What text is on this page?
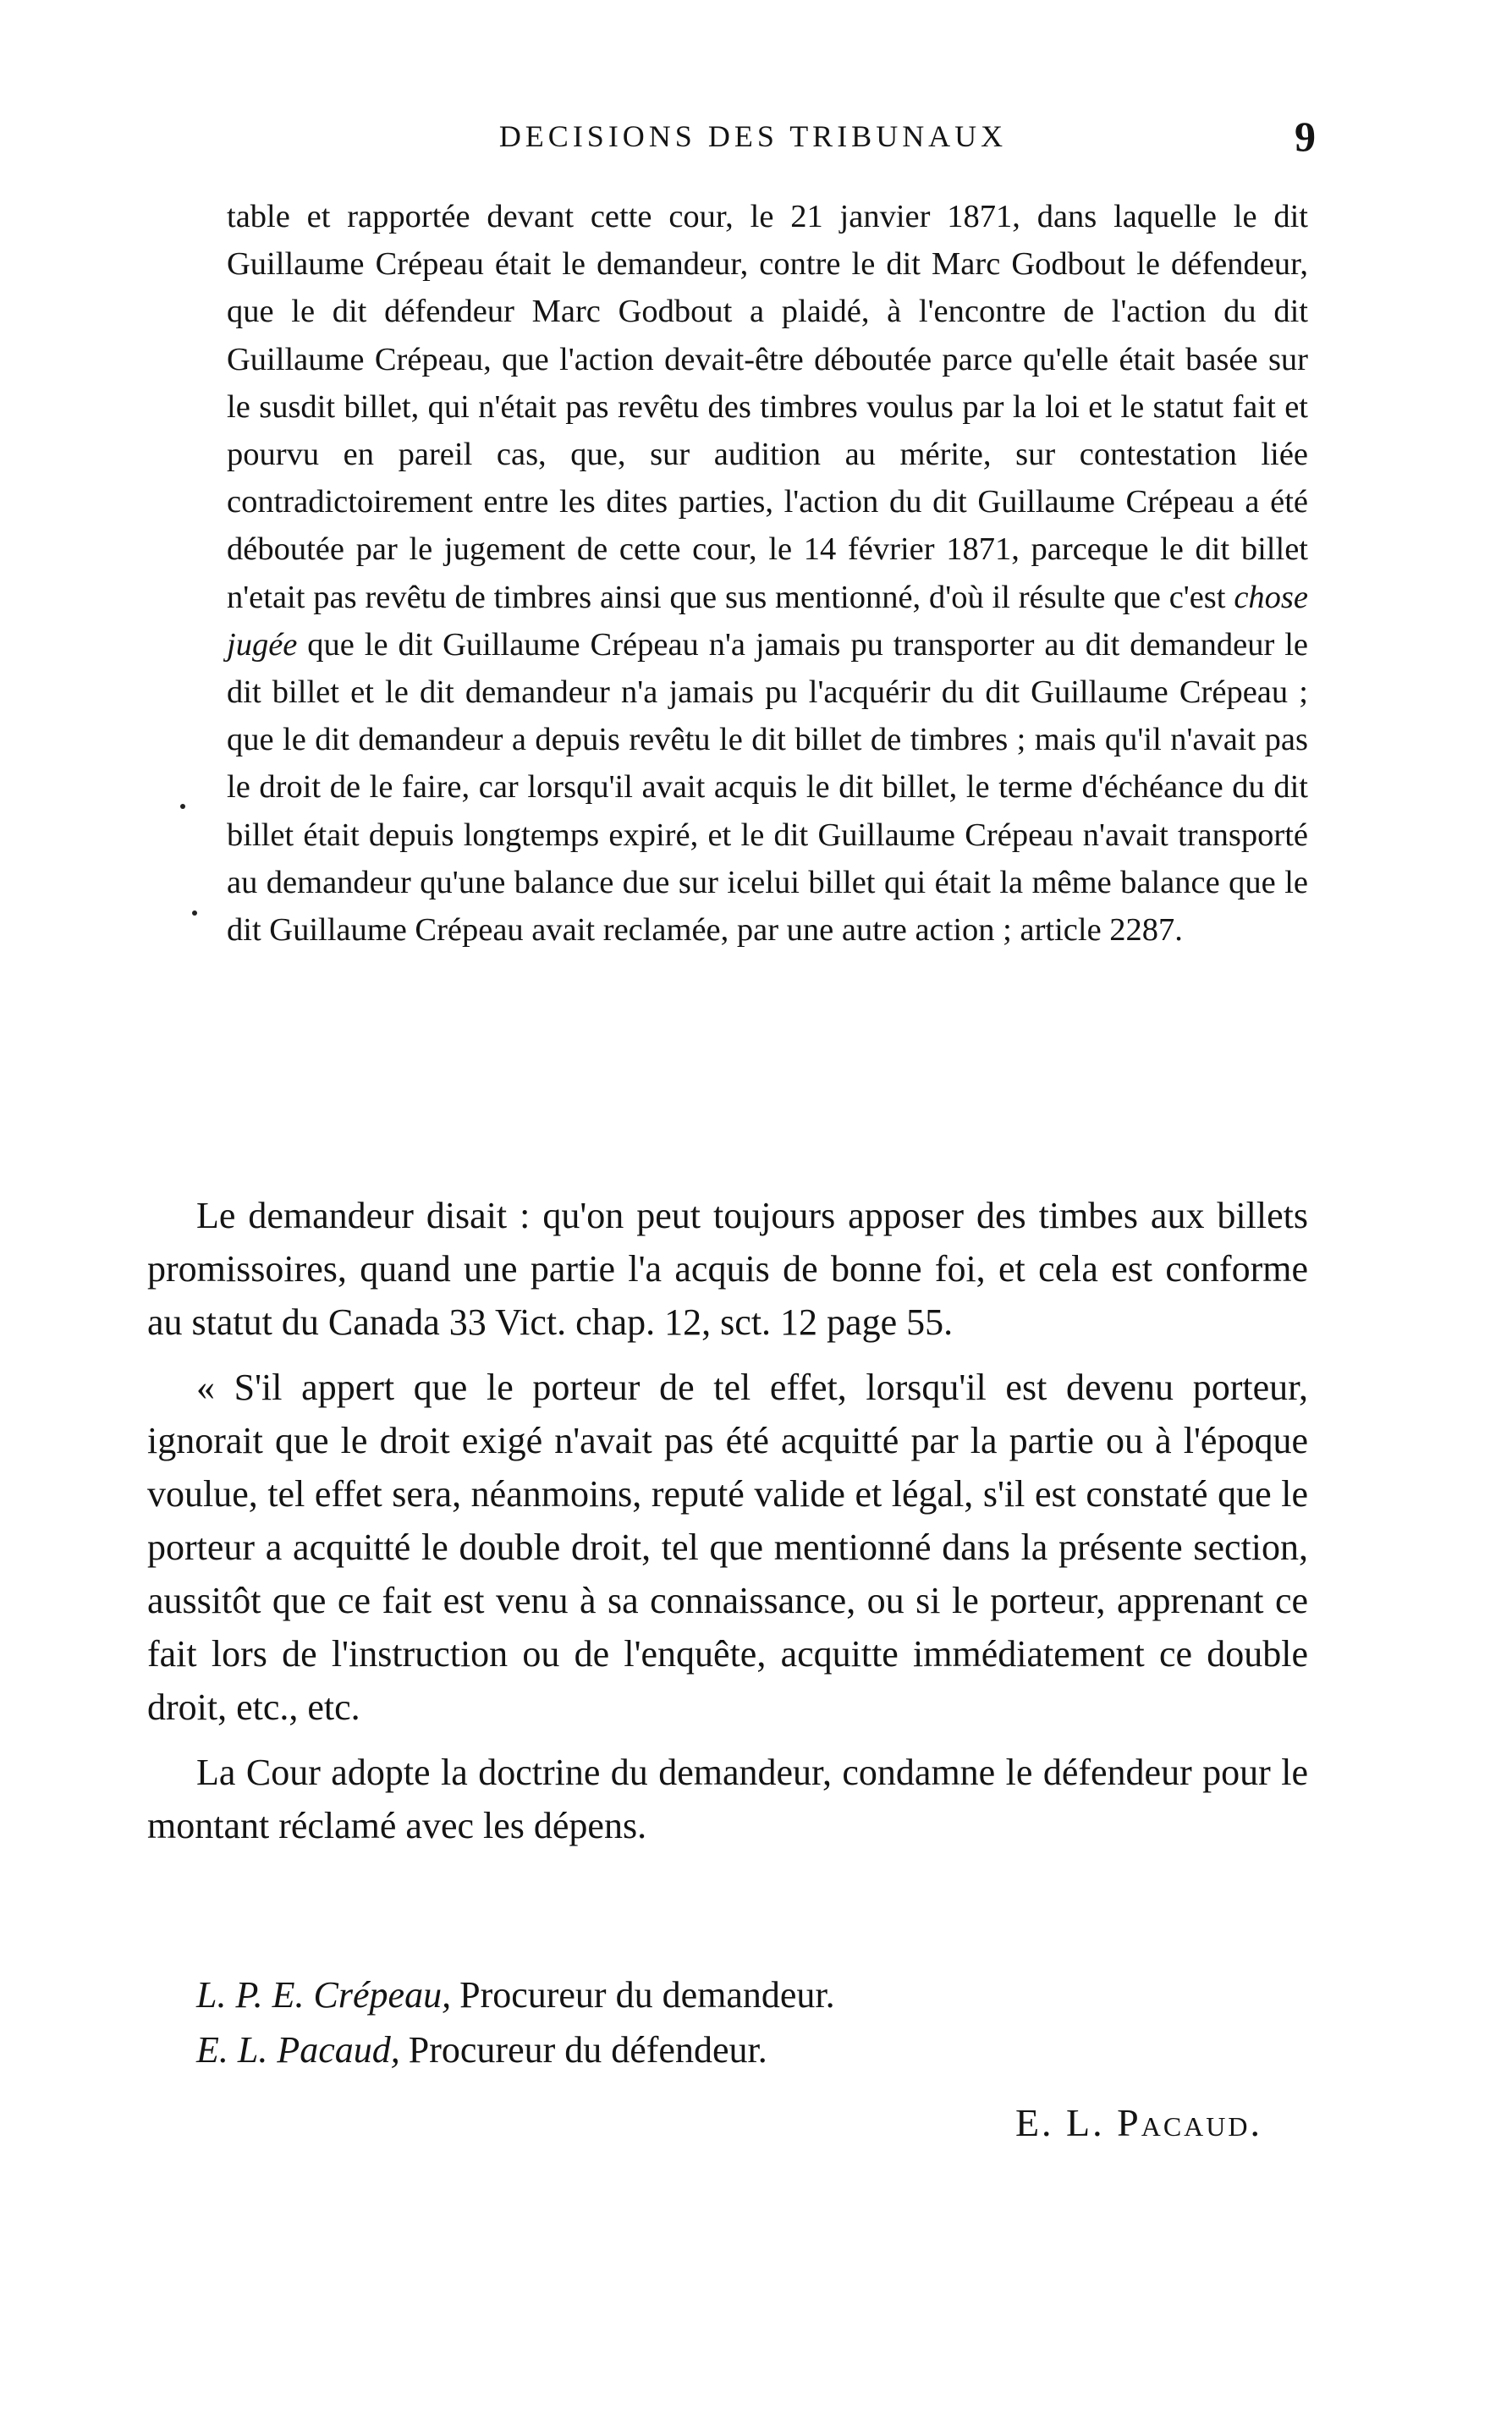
DECISIONS DES TRIBUNAUX	9

table et rapportée devant cette cour, le 21 janvier 1871, dans laquelle le dit Guillaume Crépeau était le demandeur, contre le dit Marc Godbout le défendeur, que le dit défendeur Marc Godbout a plaidé, à l'encontre de l'action du dit Guillaume Crépeau, que l'action devait-être déboutée parce qu'elle était basée sur le susdit billet, qui n'était pas revêtu des timbres voulus par la loi et le statut fait et pourvu en pareil cas, que, sur audition au mérite, sur contestation liée contradictoirement entre les dites parties, l'action du dit Guillaume Crépeau a été déboutée par le jugement de cette cour, le 14 février 1871, parceque le dit billet n'etait pas revêtu de timbres ainsi que sus mentionné, d'où il résulte que c'est chose jugée que le dit Guillaume Crépeau n'a jamais pu transporter au dit demandeur le dit billet et le dit demandeur n'a jamais pu l'acquérir du dit Guillaume Crépeau ; que le dit demandeur a depuis revêtu le dit billet de timbres ; mais qu'il n'avait pas le droit de le faire, car lorsqu'il avait acquis le dit billet, le terme d'échéance du dit billet était depuis longtemps expiré, et le dit Guillaume Crépeau n'avait transporté au demandeur qu'une balance due sur icelui billet qui était la même balance que le dit Guillaume Crépeau avait reclamée, par une autre action ; article 2287.

Le demandeur disait : qu'on peut toujours apposer des timbes aux billets promissoires, quand une partie l'a acquis de bonne foi, et cela est conforme au statut du Canada 33 Vict. chap. 12, sct. 12 page 55.

« S'il appert que le porteur de tel effet, lorsqu'il est devenu porteur, ignorait que le droit exigé n'avait pas été acquitté par la partie ou à l'époque voulue, tel effet sera, néanmoins, reputé valide et légal, s'il est constaté que le porteur a acquitté le double droit, tel que mentionné dans la présente section, aussitôt que ce fait est venu à sa connaissance, ou si le porteur, apprenant ce fait lors de l'instruction ou de l'enquête, acquitte immédiatement ce double droit, etc., etc.

La Cour adopte la doctrine du demandeur, condamne le défendeur pour le montant réclamé avec les dépens.

L. P. E. Crépeau, Procureur du demandeur.

E. L. Pacaud, Procureur du défendeur.

E. L. Pacaud.
